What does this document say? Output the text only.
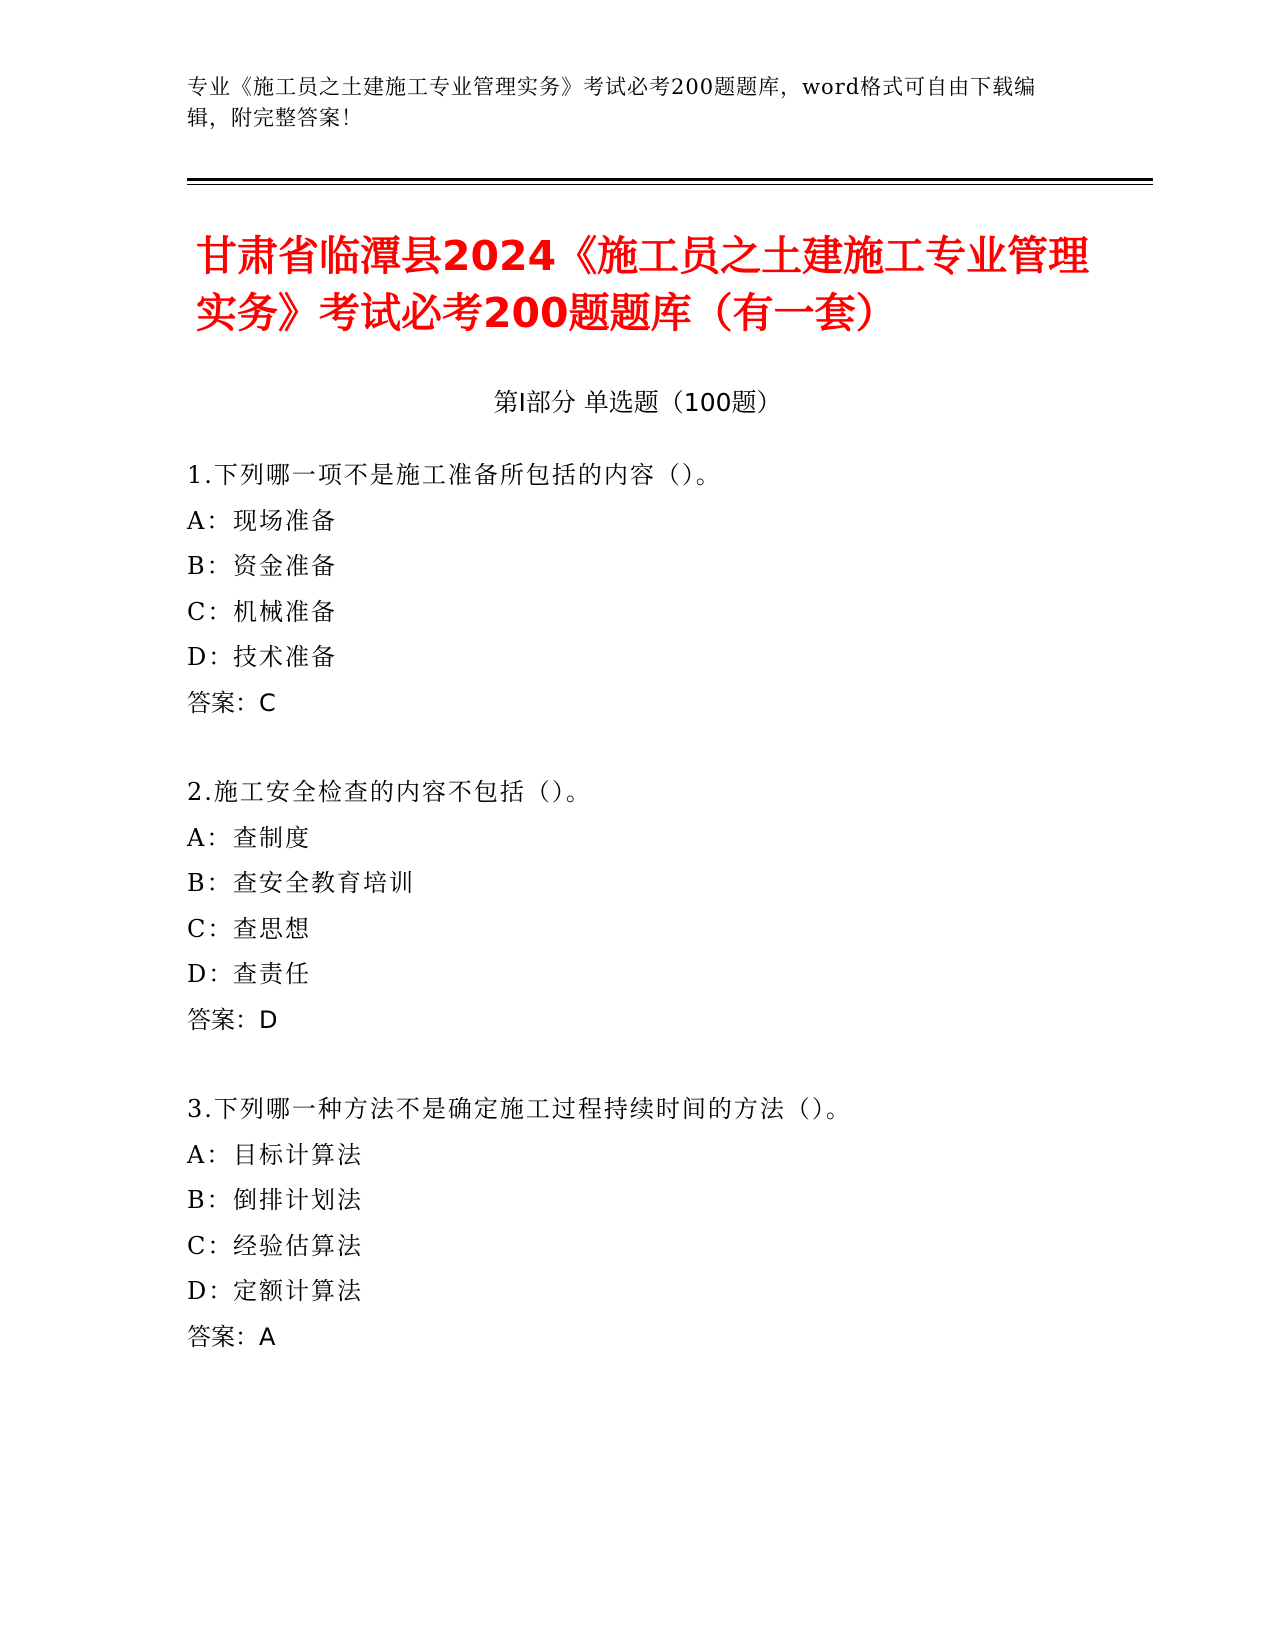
专业《施工员之土建施工专业管理实务》考试必考200题题库，word格式可自由下载编辑，附完整答案！
甘肃省临潭县2024《施工员之土建施工专业管理实务》考试必考200题题库（有一套）
第Ⅰ部分 单选题（100题）
1.下列哪一项不是施工准备所包括的内容（）。
A：现场准备
B：资金准备
C：机械准备
D：技术准备
答案：C
2.施工安全检查的内容不包括（）。
A：查制度
B：查安全教育培训
C：查思想
D：查责任
答案：D
3.下列哪一种方法不是确定施工过程持续时间的方法（）。
A：目标计算法
B：倒排计划法
C：经验估算法
D：定额计算法
答案：A
